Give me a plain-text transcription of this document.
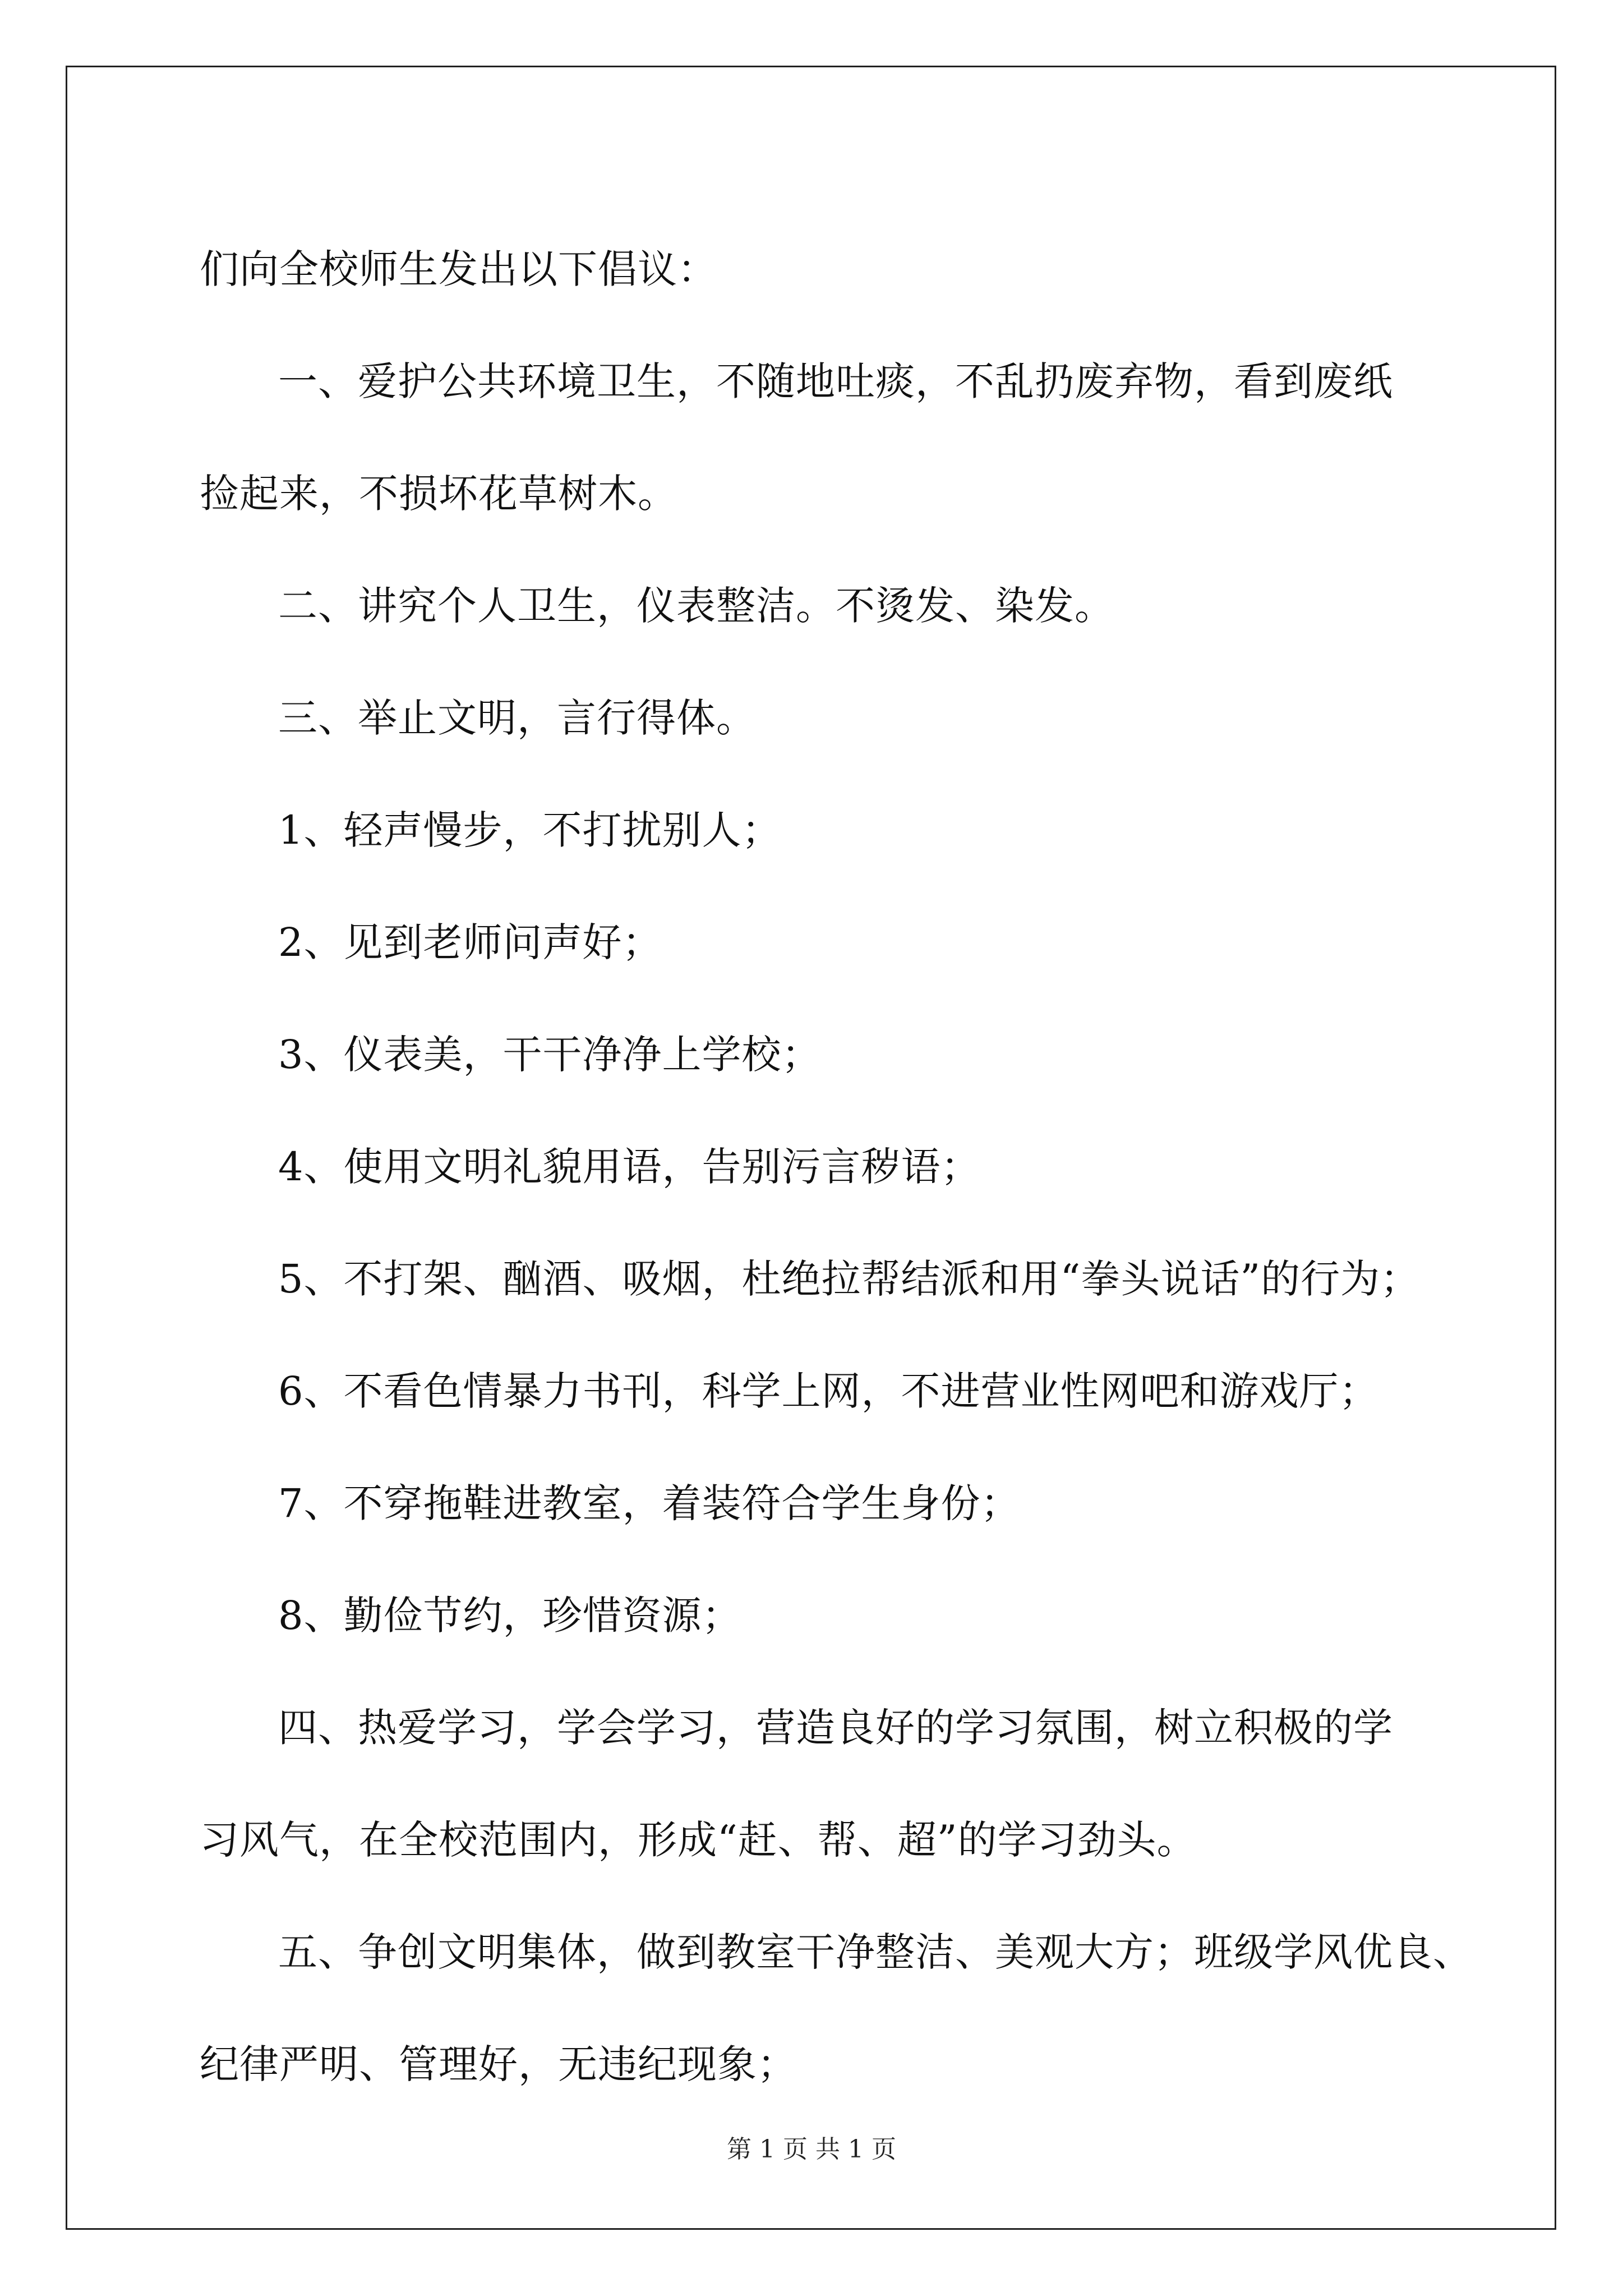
们向全校师生发出以下倡议：
一、爱护公共环境卫生，不随地吐痰，不乱扔废弃物，看到废纸
捡起来，不损坏花草树木。
二、讲究个人卫生，仪表整洁。不烫发、染发。
三、举止文明，言行得体。
1、轻声慢步，不打扰别人；
2、见到老师问声好；
3、仪表美，干干净净上学校；
4、使用文明礼貌用语，告别污言秽语；
5、不打架、酗酒、吸烟，杜绝拉帮结派和用“拳头说话”的行为；
6、不看色情暴力书刊，科学上网，不进营业性网吧和游戏厅；
7、不穿拖鞋进教室，着装符合学生身份；
8、勤俭节约，珍惜资源；
四、热爱学习，学会学习，营造良好的学习氛围，树立积极的学
习风气，在全校范围内，形成“赶、帮、超”的学习劲头。
五、争创文明集体，做到教室干净整洁、美观大方；班级学风优良、
纪律严明、管理好，无违纪现象；
第 1 页 共 1 页
